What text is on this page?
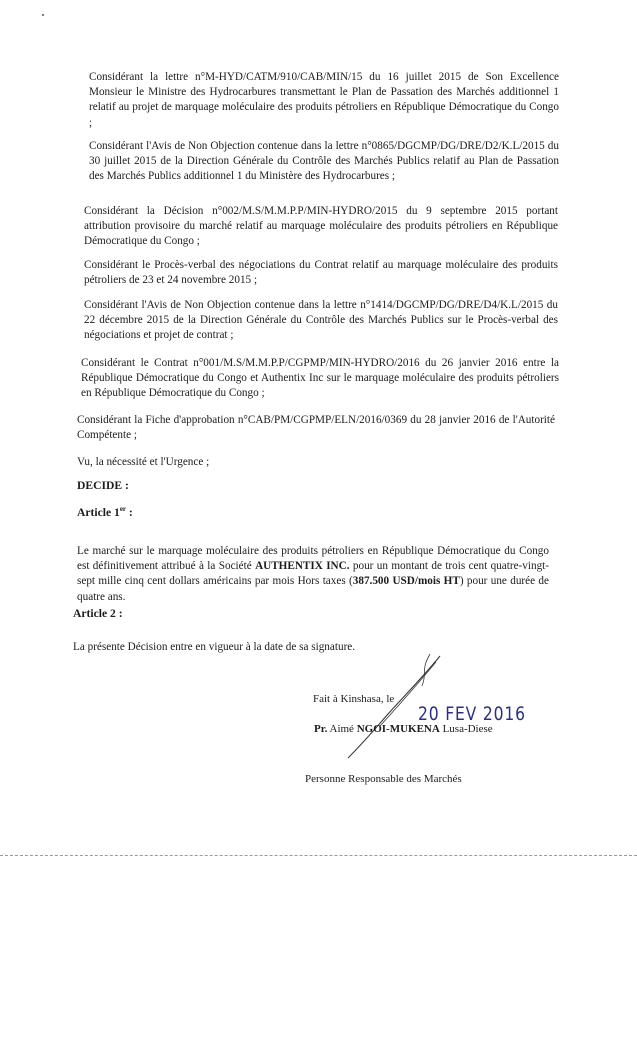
Considérant la lettre n°M-HYD/CATM/910/CAB/MIN/15 du 16 juillet 2015 de Son Excellence Monsieur le Ministre des Hydrocarbures transmettant le Plan de Passation des Marchés additionnel 1 relatif au projet de marquage moléculaire des produits pétroliers en République Démocratique du Congo ;

Considérant l'Avis de Non Objection contenue dans la lettre n°0865/DGCMP/DG/DRE/D2/K.L/2015 du 30 juillet 2015 de la Direction Générale du Contrôle des Marchés Publics relatif au Plan de Passation des Marchés Publics additionnel 1 du Ministère des Hydrocarbures ;

Considérant la Décision n°002/M.S/M.M.P.P/MIN-HYDRO/2015 du 9 septembre 2015 portant attribution provisoire du marché relatif au marquage moléculaire des produits pétroliers en République Démocratique du Congo ;

Considérant le Procès-verbal des négociations du Contrat relatif au marquage moléculaire des produits pétroliers de 23 et 24 novembre 2015 ;

Considérant l'Avis de Non Objection contenue dans la lettre n°1414/DGCMP/DG/DRE/D4/K.L/2015 du 22 décembre 2015 de la Direction Générale du Contrôle des Marchés Publics sur le Procès-verbal des négociations et projet de contrat ;

Considérant le Contrat n°001/M.S/M.M.P.P/CGPMP/MIN-HYDRO/2016 du 26 janvier 2016 entre la République Démocratique du Congo et Authentix Inc sur le marquage moléculaire des produits pétroliers en République Démocratique du Congo ;

Considérant la Fiche d'approbation n°CAB/PM/CGPMP/ELN/2016/0369 du 28 janvier 2016 de l'Autorité Compétente ;

Vu, la nécessité et l'Urgence ;

DECIDE :

Article 1er :

Le marché sur le marquage moléculaire des produits pétroliers en République Démocratique du Congo est définitivement attribué à la Société AUTHENTIX INC. pour un montant de trois cent quatre-vingt-sept mille cinq cent dollars américains par mois Hors taxes (387.500 USD/mois HT) pour une durée de quatre ans.

Article 2 :

La présente Décision entre en vigueur à la date de sa signature.

Fait à Kinshasa, le

20 FEV 2016

Pr. Aimé NGOI-MUKENA Lusa-Diese

Personne Responsable des Marchés
